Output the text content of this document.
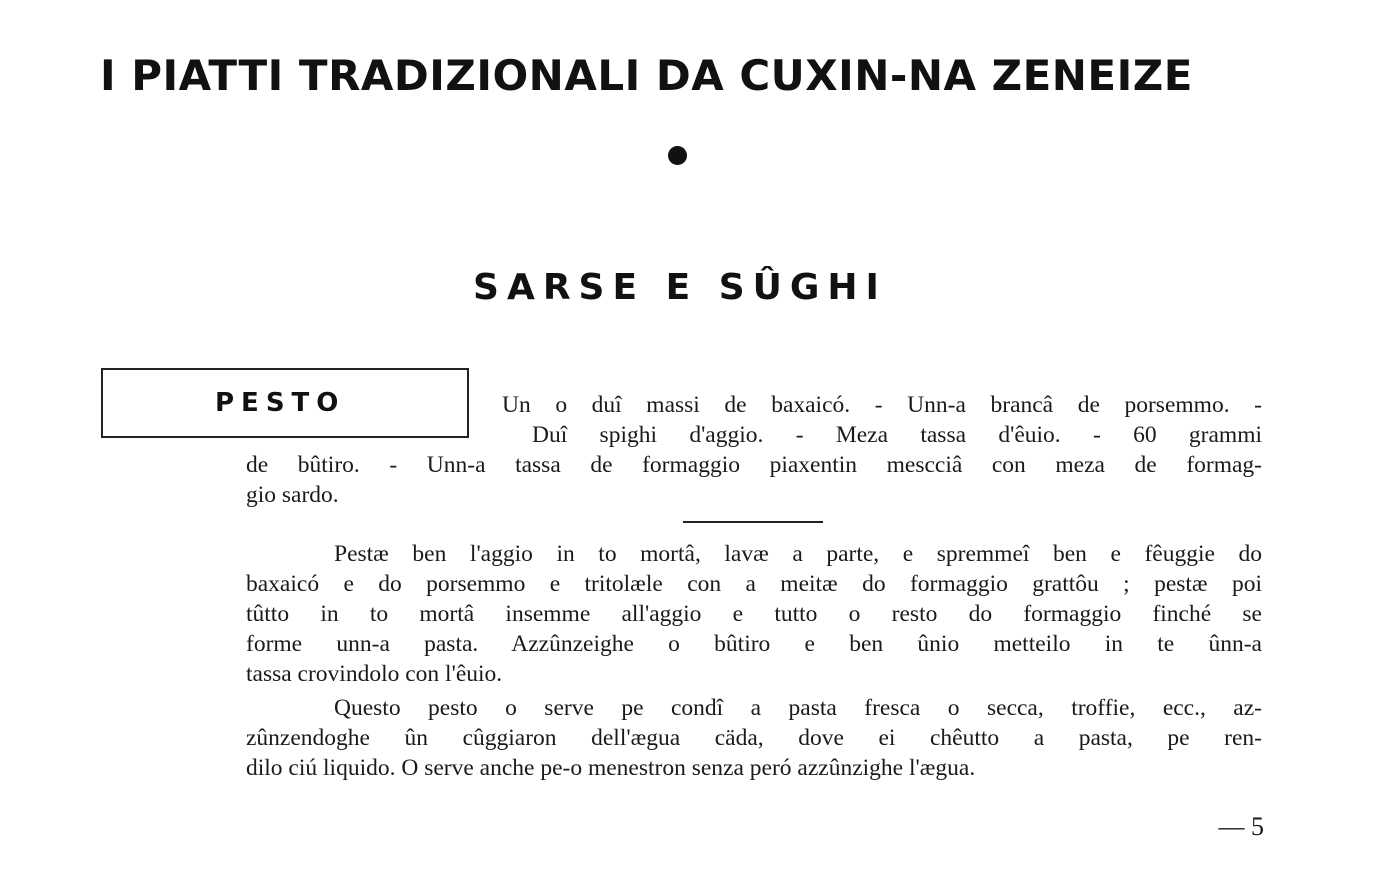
I PIATTI TRADIZIONALI DA CUXIN-NA ZENEIZE
SARSE E SÛGHI
PESTO	Un o duî massi de baxaicó. - Unn-a brancâ de porsemmo. -
Duî spighi d'aggio. - Meza tassa d'êuio. - 60 grammi
de bûtiro. - Unn-a tassa de formaggio piaxentin mescciâ con meza de formag-
gio sardo.
Pestæ ben l'aggio in to mortâ, lavæ a parte, e spremmeî ben e fêuggie do
baxaicó e do porsemmo e tritolæle con a meitæ do formaggio grattôu ; pestæ poi
tûtto in to mortâ insemme all'aggio e tutto o resto do formaggio finché se
forme unn-a pasta. Azzûnzeighe o bûtiro e ben ûnio metteilo in te ûnn-a
tassa crovindolo con l'êuio.
Questo pesto o serve pe condî a pasta fresca o secca, troffie, ecc., az-
zûnzendoghe ûn cûggiaron dell'ægua cäda, dove ei chêutto a pasta, pe ren-
dilo ciú liquido. O serve anche pe-o menestron senza peró azzûnzighe l'ægua.
— 5
